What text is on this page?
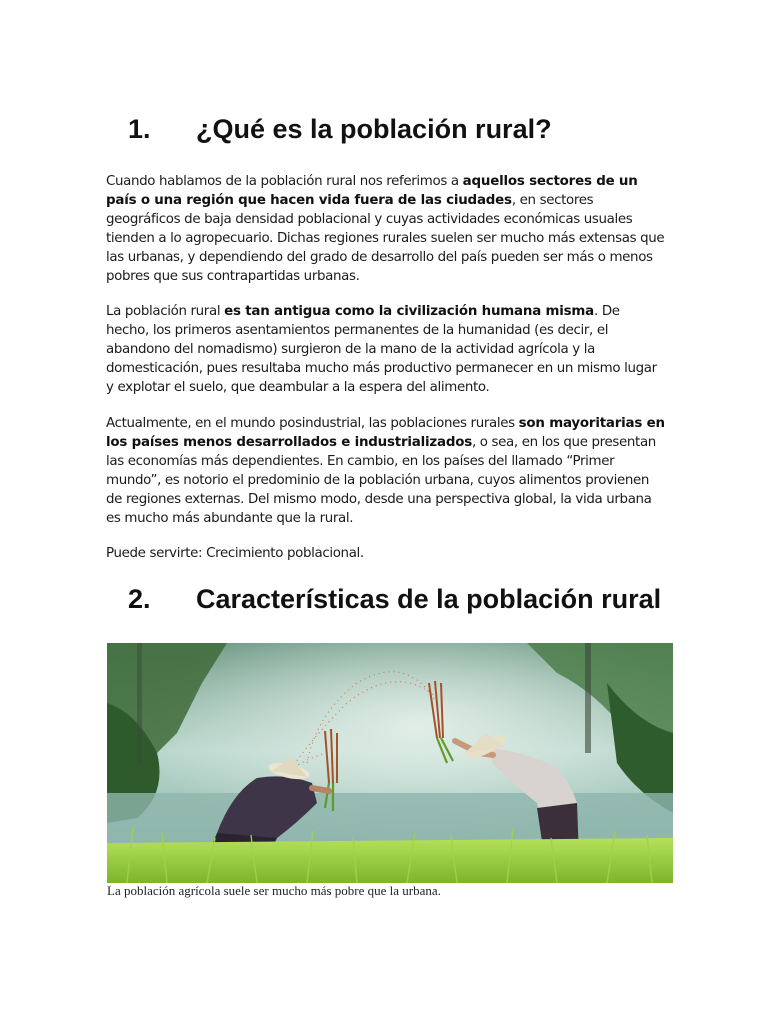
1. ¿Qué es la población rural?

Cuando hablamos de la población rural nos referimos a aquellos sectores de un país o una región que hacen vida fuera de las ciudades, en sectores geográficos de baja densidad poblacional y cuyas actividades económicas usuales tienden a lo agropecuario. Dichas regiones rurales suelen ser mucho más extensas que las urbanas, y dependiendo del grado de desarrollo del país pueden ser más o menos pobres que sus contrapartidas urbanas.

La población rural es tan antigua como la civilización humana misma. De hecho, los primeros asentamientos permanentes de la humanidad (es decir, el abandono del nomadismo) surgieron de la mano de la actividad agrícola y la domesticación, pues resultaba mucho más productivo permanecer en un mismo lugar y explotar el suelo, que deambular a la espera del alimento.

Actualmente, en el mundo posindustrial, las poblaciones rurales son mayoritarias en los países menos desarrollados e industrializados, o sea, en los que presentan las economías más dependientes. En cambio, en los países del llamado “Primer mundo”, es notorio el predominio de la población urbana, cuyos alimentos provienen de regiones externas. Del mismo modo, desde una perspectiva global, la vida urbana es mucho más abundante que la rural.

Puede servirte: Crecimiento poblacional.

2. Características de la población rural

La población agrícola suele ser mucho más pobre que la urbana.
